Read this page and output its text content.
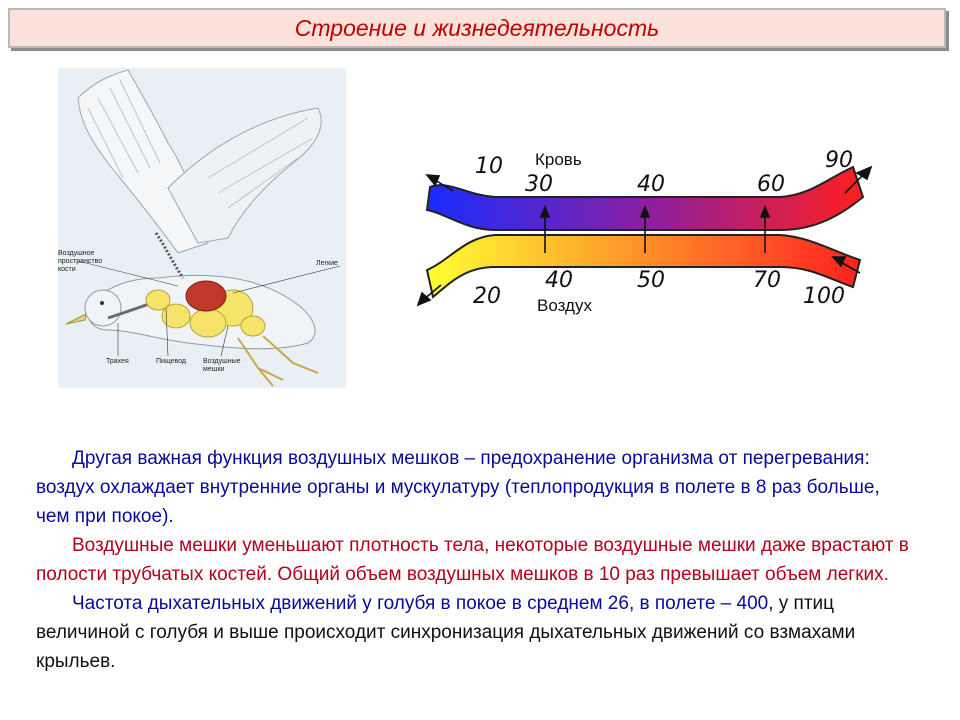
Строение и жизнедеятельность
Воздушное пространство кости
Легкие
Трахея	Пищевод Воздушные мешки
10 Кровь
30	40	60
90
20
40
Воздух
50	70
100

Другая важная функция воздушных мешков – предохранение организма от перегревания: воздух охлаждает внутренние органы и мускулатуру (теплопродукция в полете в 8 раз больше, чем при покое).

Воздушные мешки уменьшают плотность тела, некоторые воздушные мешки даже врастают в полости трубчатых костей. Общий объем воздушных мешков в 10 раз превышает объем легких.

Частота дыхательных движений у голубя в покое в среднем 26, в полете – 400, у птиц величиной с голубя и выше происходит синхронизация дыхательных движений со взмахами крыльев.
